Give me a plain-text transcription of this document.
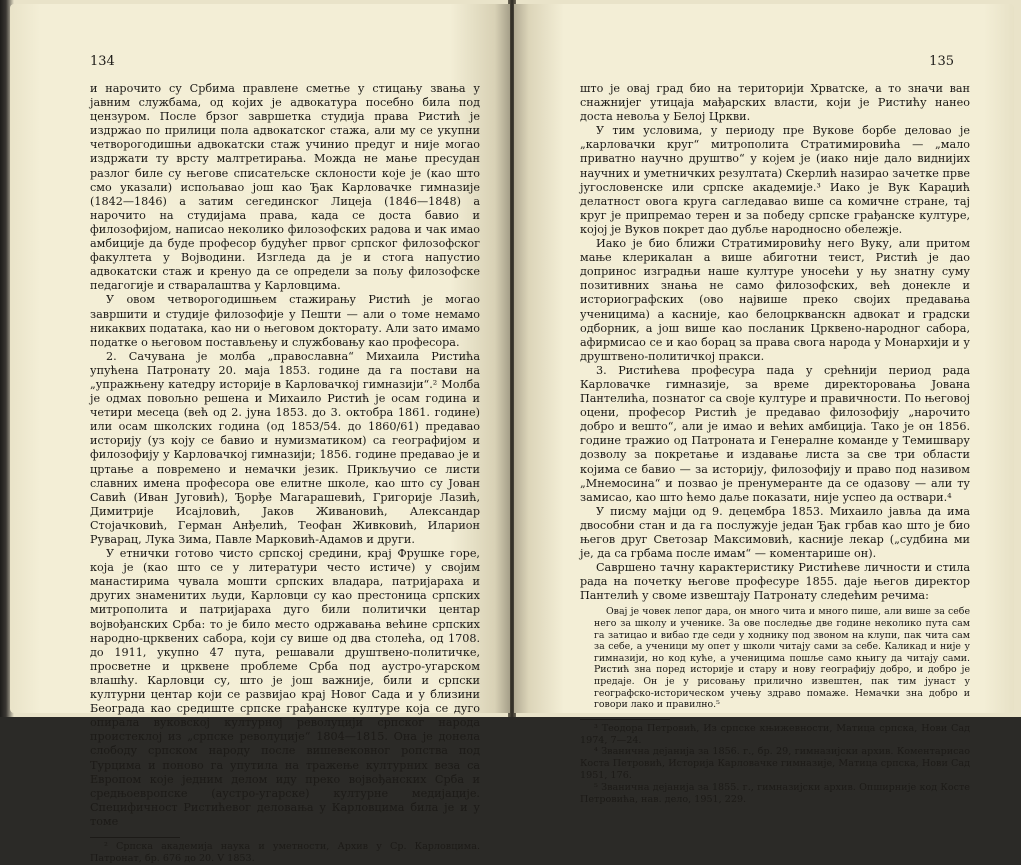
134

и нарочито су Србима правлене сметње у стицању звања у јавним службама, од којих је адвокатура посебно била под цензуром. После брзог завршетка студија права Ристић је издржао по прилици пола адвокатског стажа, али му се укупни четворогодишњи адвокатски стаж учинио предуг и није могао издржати ту врсту малтретирања. Можда не мање пресудан разлог биле су његове списатељске склоности које је (као што смо указали) испољавао још као Ђак Карловачке гимназије (1842—1846) а затим сегединског Лицеја (1846—1848) а нарочито на студијама права, када се доста бавио и филозофијом, написао неколико филозофских радова и чак имао амбиције да буде професор будућег првог српског филозофског факултета у Војводини. Изгледа да је и стога напустио адвокатски стаж и кренуо да се определи за пољу филозофске педагогије и стваралаштва у Карловцима.

У овом четворогодишњем стажирању Ристић је могао завршити и студије филозофије у Пешти — али о томе немамо никаквих података, као ни о његовом докторату. Али зато имамо податке о његовом постављењу и службовању као професора.

2. Сачувана је молба „православна“ Михаила Ристића упућена Патронату 20. маја 1853. године да га постави на „упражњену катедру историје в Карловачкој гимназији“.² Молба је одмах повољно решена и Михаило Ристић је осам година и четири месеца (већ од 2. јуна 1853. до 3. октобра 1861. године) или осам школских година (од 1853/54. до 1860/61) предавао историју (уз коју се бавио и нумизматиком) са географијом и филозофију у Карловачкој гимназији; 1856. године предавао је и цртање а повремено и немачки језик. Прикључио се листи славних имена професора ове елитне школе, као што су Јован Савић (Иван Југовић), Ђорђе Магарашевић, Григорије Лазић, Димитрије Исајловић, Јаков Живановић, Александар Стојачковић, Герман Анђелић, Теофан Живковић, Иларион Руварац, Лука Зима, Павле Марковић-Адамов и други.

У етнички готово чисто српској средини, крај Фрушке горе, која је (као што се у литератури често истиче) у својим манастирима чувала мошти српских владара, патријараха и других знаменитих људи, Карловци су као престоница српских митрополита и патријараха дуго били политички центар војвођанских Срба: то је било место одржавања већине српских народно-црквених сабора, који су више од два столећа, од 1708. до 1911, укупно 47 пута, решавали друштвено-политичке, просветне и црквене проблеме Срба под аустро-угарском влашћу. Карловци су, што је још важније, били и српски културни центар који се развијао крај Новог Сада и у близини Београда као средиште српске грађанске културе која се дуго опирала вуковској културној револуцији српског народа проистеклој из „српске револуције“ 1804—1815. Она је донела слободу српском народу после вишевековног ропства под Турцима и поново га упутила на тражење културних веза са Европом које једним делом иду преко војвођанских Срба и средњоевропске (аустро-угарске) културне медијације. Специфичност Ристићевог деловања у Карловцима била је и у томе

² Српска академија наука и уметности, Архив у Ср. Карловцима. Патронат, бр. 676 до 20. V 1853.

135

што је овај град био на територији Хрватске, а то значи ван снажнијег утицаја мађарских власти, који је Ристићу нанео доста невоља у Белој Цркви.

У тим условима, у периоду пре Вукове борбе деловао је „карловачки круг“ митрополита Стратимировића — „мало приватно научно друштво“ у којем је (иако није дало виднијих научних и уметничких резултата) Скерлић назирао зачетке прве југословенске или српске академије.³ Иако је Вук Караџић делатност овога круга сагледавао више са комичне стране, тај круг је припремао терен и за победу српске грађанске културе, којој је Вуков покрет дао дубље народносно обележје.

Иако је био ближи Стратимировићу него Вуку, али притом мање клерикалан а више абиготни теист, Ристић је дао допринос изградњи наше културе уносећи у њу знатну суму позитивних знања не само филозофских, већ донекле и историографских (ово највише преко својих предавања ученицима) а касније, као белоцркванскн адвокат и градски одборник, а још више као посланик Црквено-народног сабора, афирмисао се и као борац за права свога народа у Монархији и у друштвено-политичкој пракси.

3. Ристићева професура пада у срећнији период рада Карловачке гимназије, за време директоровања Јована Пантелића, познатог са своје културе и правичности. По његовој оцени, професор Ристић је предавао филозофију „нарочито добро и вешто“, али је имао и већих амбиција. Тако је он 1856. године тражио од Патроната и Генералне команде у Темишвару дозволу за покретање и издавање листа за све три области којима се бавио — за историју, филозофију и право под називом „Мнемосина“ и позвао је пренумеранте да се одазову — али ту замисао, као што ћемо даље показати, није успео да оствари.⁴

У писму мајци од 9. децембра 1853. Михаило јавља да има двособни стан и да га послужује један Ђак грбав као што је био његов друг Светозар Максимовић, касније лекар („судбина ми је, да са грбама после имам“ — коментарише он).

Савршено тачну карактеристику Ристићеве личности и стила рада на почетку његове професуре 1855. даје његов директор Пантелић у своме извештају Патронату следећим речима:

Овај је човек лепог дара, он много чита и много пише, али више за себе него за школу и ученике. За ове последње две године неколико пута сам га затицао и вибао где седи у ходнику под звоном на клупи, пак чита сам за себе, а ученици му опет у школи читају сами за себе. Каликад и није у гимназији, но код куће, а ученицима пошље само књигу да читају сами. Ристић зна поред историје и стару и нову географију добро, и добро је предаје. Он је у рисовању прилично извештен, пак тим јунаст у географско-историческом учењу здраво помаже. Немачки зна добро и говори лако и правилно.⁵

³ Теодора Петровић, Из српске књижевности, Матица српска, Нови Сад 1974, 7—24.

⁴ Званична дејанија за 1856. г., бр. 29, гимназијски архив. Коментарисао Коста Петровић, Историја Карловачке гимназије, Матица српска, Нови Сад 1951, 176.

⁵ Званична дејанија за 1855. г., гимназијски архив. Опширније код Косте Петровића, нав. дело, 1951, 229.
